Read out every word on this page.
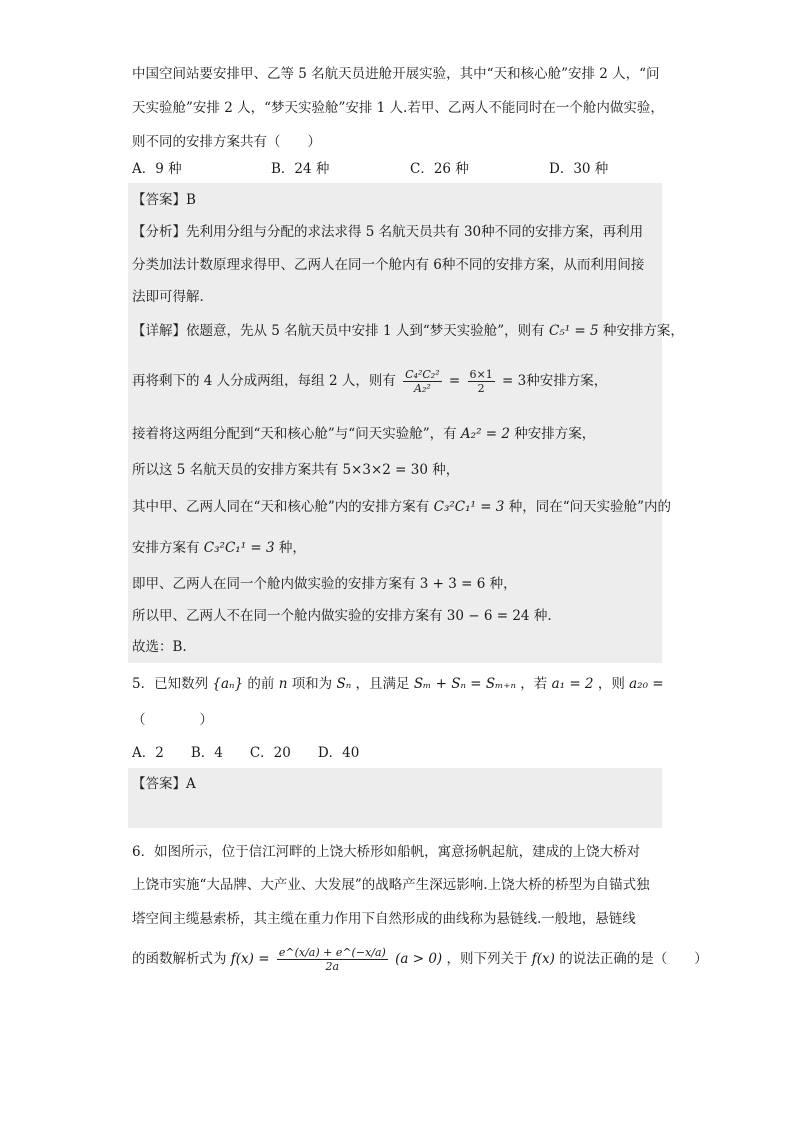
中国空间站要安排甲、乙等 5 名航天员进舱开展实验，其中“天和核心舱”安排 2 人，“问
天实验舱”安排 2 人，“梦天实验舱”安排 1 人.若甲、乙两人不能同时在一个舱内做实验，
则不同的安排方案共有（　　）
A．9 种	B．24 种	C．26 种	D．30 种
【答案】B
【分析】先利用分组与分配的求法求得 5 名航天员共有 30种不同的安排方案，再利用
分类加法计数原理求得甲、乙两人在同一个舱内有 6种不同的安排方案，从而利用间接
法即可得解.
【详解】依题意，先从 5 名航天员中安排 1 人到“梦天实验舱”，则有 C₅¹ = 5 种安排方案，
再将剩下的 4 人分成两组，每组 2 人，则有 $\frac{\text{C₄²C₂²}}{\text{A₂²}} = \frac{6\times 1}{2} = 3$种安排方案，
接着将这两组分配到“天和核心舱”与“问天实验舱”，有 A₂² = 2 种安排方案，
所以这 5 名航天员的安排方案共有 5×3×2 = 30 种，
其中甲、乙两人同在“天和核心舱”内的安排方案有 C₃²C₁¹ = 3 种，同在“问天实验舱”内的
安排方案有 C₃²C₁¹ = 3 种，
即甲、乙两人在同一个舱内做实验的安排方案有 3 + 3 = 6 种，
所以甲、乙两人不在同一个舱内做实验的安排方案有 30 − 6 = 24 种.
故选：B.
5．已知数列 {aₙ} 的前 n 项和为 Sₙ ，且满足 Sₘ + Sₙ = Sₘ₊ₙ ，若 a₁ = 2 ，则 a₂₀ =
（　　　　）
A．2　　B．4　　C．20　　D．40
【答案】A
6．如图所示，位于信江河畔的上饶大桥形如船帆，寓意扬帆起航，建成的上饶大桥对
上饶市实施“大品牌、大产业、大发展”的战略产生深远影响.上饶大桥的桥型为自锚式独
塔空间主缆悬索桥，其主缆在重力作用下自然形成的曲线称为悬链线.一般地，悬链线
的函数解析式为 $f(x) = \frac{e\^{}(x/a) + e\^{}(-x/a)}{2a} (a > 0)$ ，则下列关于 f(x) 的说法正确的是（　　）
